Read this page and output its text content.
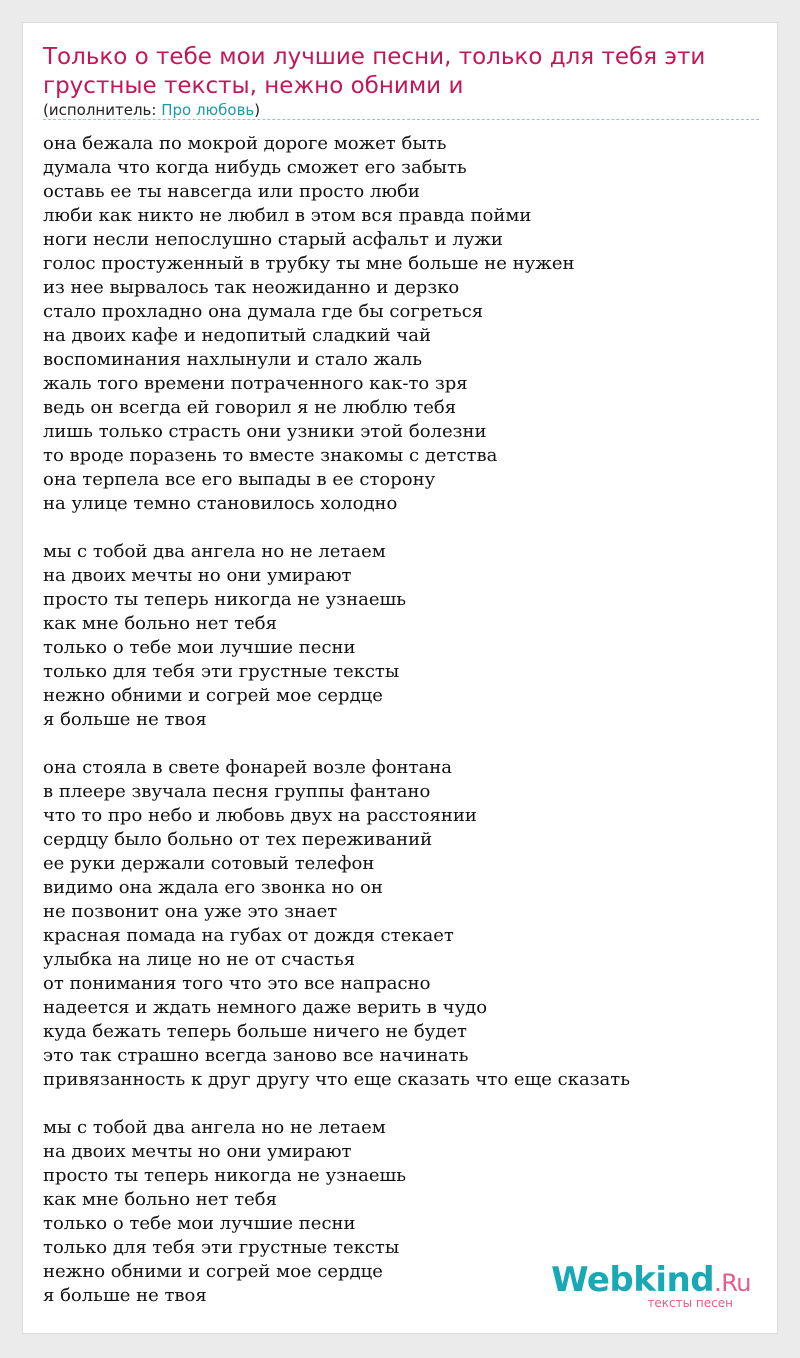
Только о тебе мои лучшие песни, только для тебя эти грустные тексты, нежно обними и
(исполнитель: Про любовь)
она бежала по мокрой дороге может быть
думала что когда нибудь сможет его забыть
оставь ее ты навсегда или просто люби
люби как никто не любил в этом вся правда пойми
ноги несли непослушно старый асфальт и лужи
голос простуженный в трубку ты мне больше не нужен
из нее вырвалось так неожиданно и дерзко
стало прохладно она думала где бы согреться
на двоих кафе и недопитый сладкий чай
воспоминания нахлынули и стало жаль
жаль того времени потраченного как-то зря
ведь он всегда ей говорил я не люблю тебя
лишь только страсть они узники этой болезни
то вроде поразень то вместе знакомы с детства
она терпела все его выпады в ее сторону
на улице темно становилось холодно
мы с тобой два ангела но не летаем
на двоих мечты но они умирают
просто ты теперь никогда не узнаешь
как мне больно нет тебя
только о тебе мои лучшие песни
только для тебя эти грустные тексты
нежно обними и согрей мое сердце
я больше не твоя
она стояла в свете фонарей возле фонтана
в плеере звучала песня группы фантано
что то про небо и любовь двух на расстоянии
сердцу было больно от тех переживаний
ее руки держали сотовый телефон
видимо она ждала его звонка но он
не позвонит она уже это знает
красная помада на губах от дождя стекает
улыбка на лице но не от счастья
от понимания того что это все напрасно
надеется и ждать немного даже верить в чудо
куда бежать теперь больше ничего не будет
это так страшно всегда заново все начинать
привязанность к друг другу что еще сказать что еще сказать
мы с тобой два ангела но не летаем
на двоих мечты но они умирают
просто ты теперь никогда не узнаешь
как мне больно нет тебя
только о тебе мои лучшие песни
только для тебя эти грустные тексты
нежно обними и согрей мое сердце
я больше не твоя	Webkind.Ru
тексты песен
